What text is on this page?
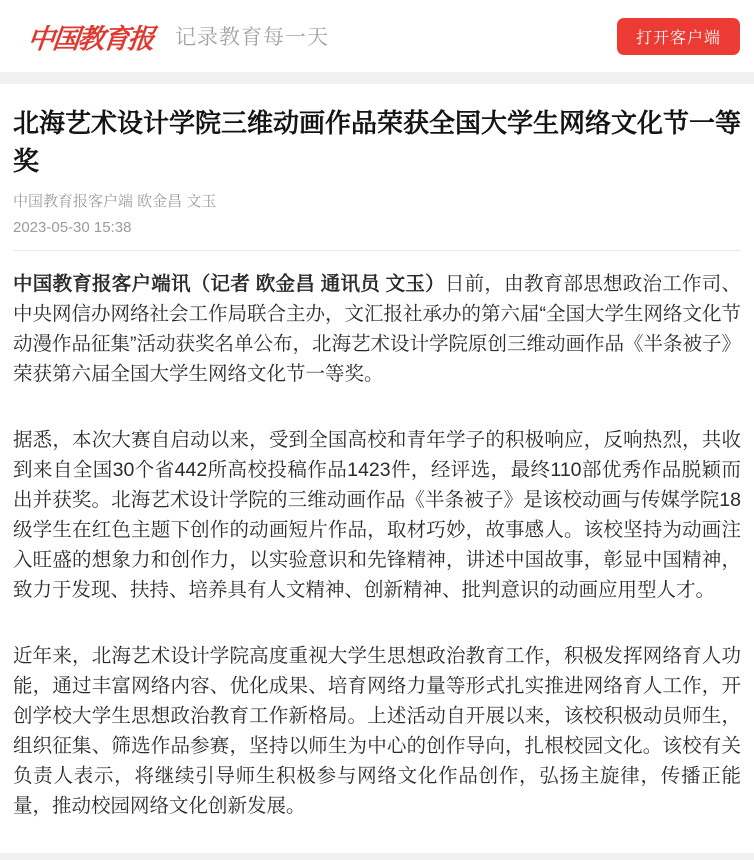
中国教育报 记录教育每一天	打开客户端
北海艺术设计学院三维动画作品荣获全国大学生网络文化节一等奖
中国教育报客户端 欧金昌 文玉
2023-05-30 15:38

中国教育报客户端讯（记者 欧金昌 通讯员 文玉）日前，由教育部思想政治工作司、中央网信办网络社会工作局联合主办，文汇报社承办的第六届“全国大学生网络文化节动漫作品征集”活动获奖名单公布，北海艺术设计学院原创三维动画作品《半条被子》荣获第六届全国大学生网络文化节一等奖。

据悉，本次大赛自启动以来，受到全国高校和青年学子的积极响应，反响热烈，共收到来自全国30个省442所高校投稿作品1423件，经评选，最终110部优秀作品脱颖而出并获奖。北海艺术设计学院的三维动画作品《半条被子》是该校动画与传媒学院18级学生在红色主题下创作的动画短片作品，取材巧妙，故事感人。该校坚持为动画注入旺盛的想象力和创作力，以实验意识和先锋精神，讲述中国故事，彰显中国精神，致力于发现、扶持、培养具有人文精神、创新精神、批判意识的动画应用型人才。

近年来，北海艺术设计学院高度重视大学生思想政治教育工作，积极发挥网络育人功能，通过丰富网络内容、优化成果、培育网络力量等形式扎实推进网络育人工作，开创学校大学生思想政治教育工作新格局。上述活动自开展以来，该校积极动员师生，组织征集、筛选作品参赛，坚持以师生为中心的创作导向，扎根校园文化。该校有关负责人表示，将继续引导师生积极参与网络文化作品创作，弘扬主旋律，传播正能量，推动校园网络文化创新发展。
